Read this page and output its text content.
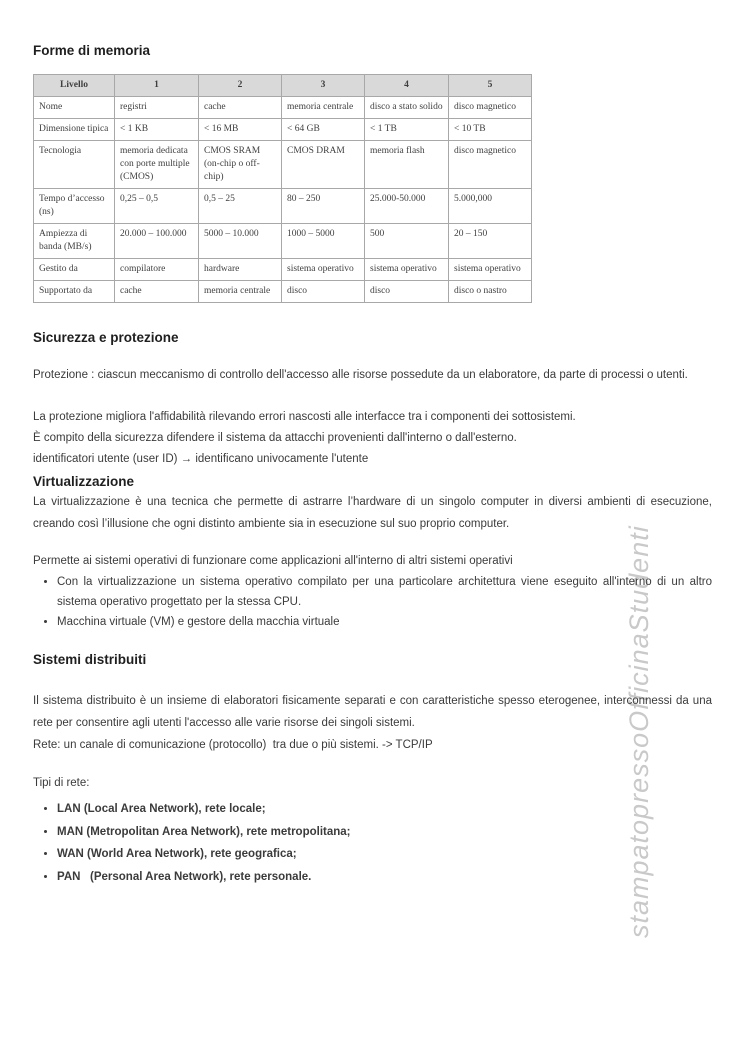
stampatopressoOfficinaStudenti
Forme di memoria
Livello	1	2	3	4	5
Nome	registri	cache	memoria centrale	disco a stato solido	disco magnetico
Dimensione tipica	< 1 KB	< 16 MB	< 64 GB	< 1 TB	< 10 TB
Tecnologia	memoria dedicata con porte multiple (CMOS)	CMOS SRAM (on-chip o off-chip)	CMOS DRAM	memoria flash	disco magnetico
Tempo d’accesso (ns)	0,25 – 0,5	0,5 – 25	80 – 250	25.000-50.000	5.000,000
Ampiezza di banda (MB/s)	20.000 – 100.000	5000 – 10.000	1000 – 5000	500	20 – 150
Gestito da	compilatore	hardware	sistema operativo	sistema operativo	sistema operativo
Supportato da	cache	memoria centrale	disco	disco	disco o nastro
Sicurezza e protezione

Protezione : ciascun meccanismo di controllo dell'accesso alle risorse possedute da un elaboratore, da parte di processi o utenti.

La protezione migliora l'affidabilità rilevando errori nascosti alle interfacce tra i componenti dei sottosistemi.

È compito della sicurezza difendere il sistema da attacchi provenienti dall'interno o dall'esterno.

identificatori utente (user ID) → identificano univocamente l'utente

Virtualizzazione

La virtualizzazione è una tecnica che permette di astrarre l’hardware di un singolo computer in diversi ambienti di esecuzione, creando così l’illusione che ogni distinto ambiente sia in esecuzione sul suo proprio computer.

Permette ai sistemi operativi di funzionare come applicazioni all'interno di altri sistemi operativi

• Con la virtualizzazione un sistema operativo compilato per una particolare architettura viene eseguito all'interno di un altro sistema operativo progettato per la stessa CPU.
• Macchina virtuale (VM) e gestore della macchia virtuale
Sistemi distribuiti

Il sistema distribuito è un insieme di elaboratori fisicamente separati e con caratteristiche spesso eterogenee, interconnessi da una rete per consentire agli utenti l'accesso alle varie risorse dei singoli sistemi.

Rete: un canale di comunicazione (protocollo)  tra due o più sistemi. -> TCP/IP

Tipi di rete:

• LAN (Local Area Network), rete locale;
• MAN (Metropolitan Area Network), rete metropolitana;
• WAN (World Area Network), rete geografica;
• PAN   (Personal Area Network), rete personale.
